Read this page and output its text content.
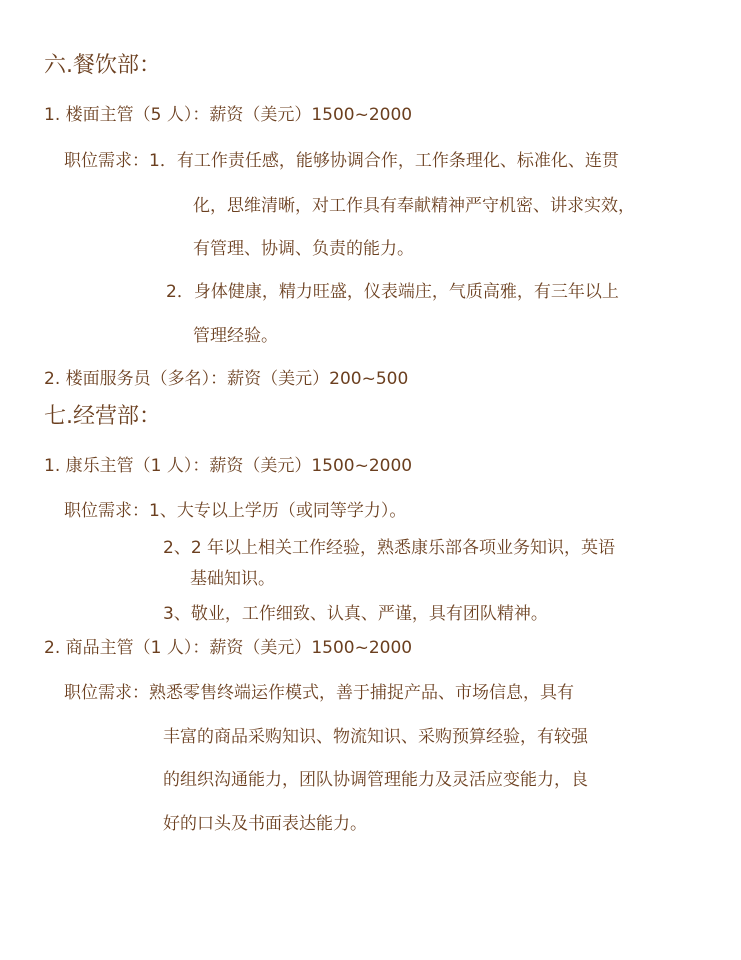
六.餐饮部：
1. 楼面主管（5 人）：薪资（美元）1500~2000
职位需求：1．有工作责任感，能够协调合作，工作条理化、标准化、连贯
化，思维清晰，对工作具有奉献精神严守机密、讲求实效，
有管理、协调、负责的能力。
2．身体健康，精力旺盛，仪表端庄，气质高雅，有三年以上
管理经验。
2. 楼面服务员（多名）：薪资（美元）200~500
七.经营部：
1. 康乐主管（1 人）：薪资（美元）1500~2000
职位需求：1、大专以上学历（或同等学力）。
2、2 年以上相关工作经验，熟悉康乐部各项业务知识，英语
基础知识。
3、敬业，工作细致、认真、严谨，具有团队精神。
2. 商品主管（1 人）：薪资（美元）1500~2000
职位需求：熟悉零售终端运作模式，善于捕捉产品、市场信息，具有
丰富的商品采购知识、物流知识、采购预算经验，有较强
的组织沟通能力，团队协调管理能力及灵活应变能力，良
好的口头及书面表达能力。
